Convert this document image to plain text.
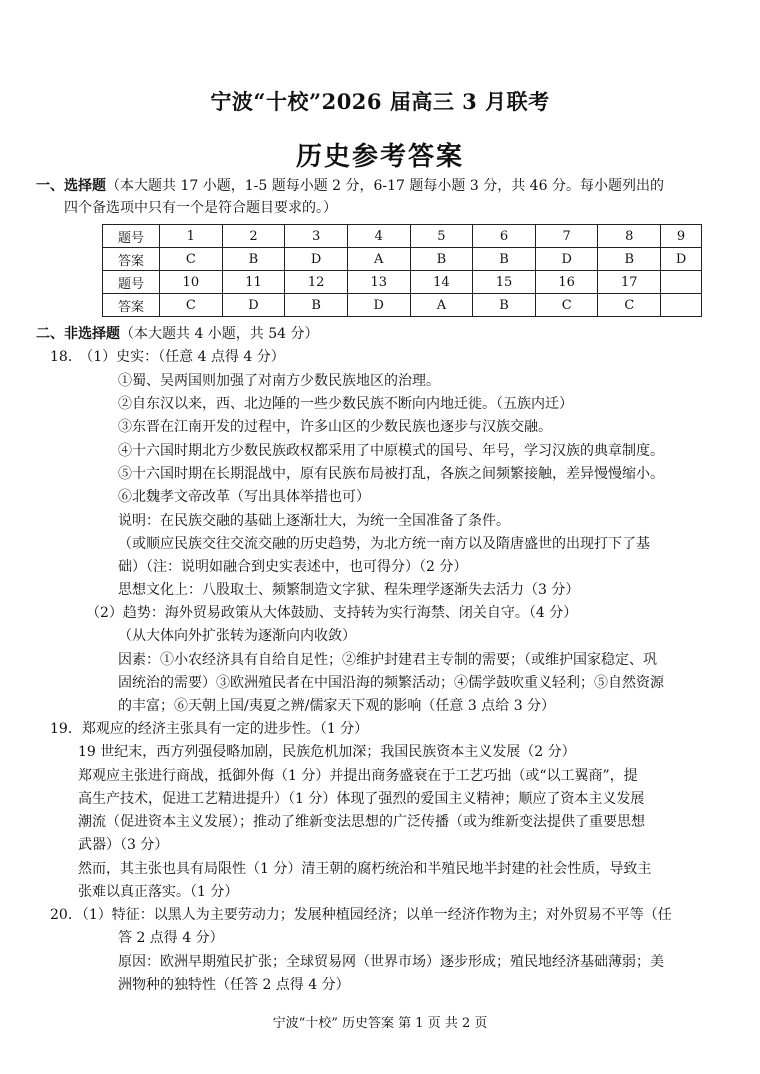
宁波“十校”2026 届高三 3 月联考
历史参考答案
一、选择题（本大题共 17 小题，1-5 题每小题 2 分，6-17 题每小题 3 分，共 46 分。每小题列出的
四个备选项中只有一个是符合题目要求的。）
题号	1	2	3	4	5	6	7	8	9
答案	C	B	D	A	B	B	D	B	D
题号	10	11	12	13	14	15	16	17	
答案	C	D	B	D	A	B	C	C	
二、非选择题（本大题共 4 小题，共 54 分）
18.　（1）史实：（任意 4 点得 4 分）
①蜀、吴两国则加强了对南方少数民族地区的治理。
②自东汉以来，西、北边陲的一些少数民族不断向内地迁徙。（五族内迁）
③东晋在江南开发的过程中，许多山区的少数民族也逐步与汉族交融。
④十六国时期北方少数民族政权都采用了中原模式的国号、年号，学习汉族的典章制度。
⑤十六国时期在长期混战中，原有民族布局被打乱，各族之间频繁接触，差异慢慢缩小。
⑥北魏孝文帝改革（写出具体举措也可）
说明：在民族交融的基础上逐渐壮大，为统一全国准备了条件。
（或顺应民族交往交流交融的历史趋势，为北方统一南方以及隋唐盛世的出现打下了基
础）（注：说明如融合到史实表述中，也可得分）（2 分）
思想文化上：八股取士、频繁制造文字狱、程朱理学逐渐失去活力（3 分）
（2）趋势：海外贸易政策从大体鼓励、支持转为实行海禁、闭关自守。（4 分）
（从大体向外扩张转为逐渐向内收敛）
因素：①小农经济具有自给自足性；②维护封建君主专制的需要；（或维护国家稳定、巩
固统治的需要）③欧洲殖民者在中国沿海的频繁活动；④儒学鼓吹重义轻利；⑤自然资源
的丰富；⑥天朝上国/夷夏之辨/儒家天下观的影响（任意 3 点给 3 分）
19．郑观应的经济主张具有一定的进步性。（1 分）
19 世纪末，西方列强侵略加剧，民族危机加深；我国民族资本主义发展（2 分）
郑观应主张进行商战，抵御外侮（1 分）并提出商务盛衰在于工艺巧拙（或“以工翼商”，提
高生产技术，促进工艺精进提升）（1 分）体现了强烈的爱国主义精神；顺应了资本主义发展
潮流（促进资本主义发展）；推动了维新变法思想的广泛传播（或为维新变法提供了重要思想
武器）（3 分）
然而，其主张也具有局限性（1 分）清王朝的腐朽统治和半殖民地半封建的社会性质，导致主
张难以真正落实。（1 分）
20．（1）特征：以黑人为主要劳动力；发展种植园经济；以单一经济作物为主；对外贸易不平等（任
答 2 点得 4 分）
原因：欧洲早期殖民扩张；全球贸易网（世界市场）逐步形成；殖民地经济基础薄弱；美
洲物种的独特性（任答 2 点得 4 分）
宁波“十校” 历史答案 第 1 页 共 2 页
